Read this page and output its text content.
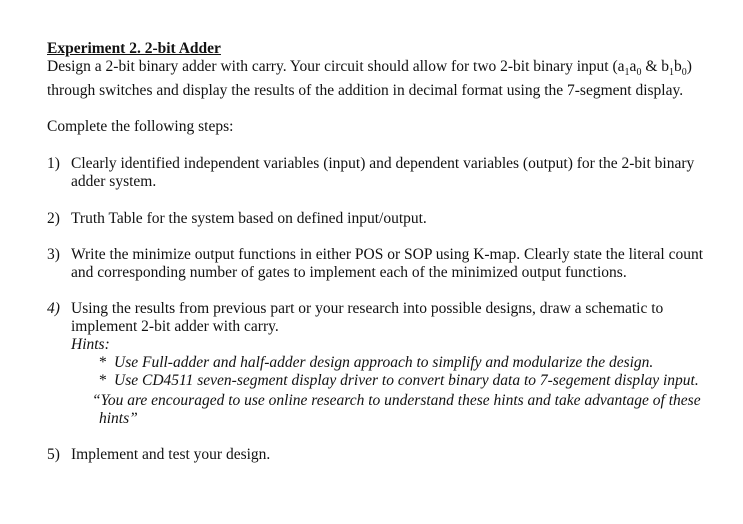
Experiment 2. 2-bit Adder

Design a 2-bit binary adder with carry. Your circuit should allow for two 2-bit binary input ($a_1a_0$ & $b_1b_0$) through switches and display the results of the addition in decimal format using the 7-segment display.

Complete the following steps:

1) Clearly identified independent variables (input) and dependent variables (output) for the 2-bit binary adder system.
2) Truth Table for the system based on defined input/output.
3) Write the minimize output functions in either POS or SOP using K-map. Clearly state the literal count and corresponding number of gates to implement each of the minimized output functions.
4) Using the results from previous part or your research into possible designs, draw a schematic to implement 2-bit adder with carry.

Hints:

* Use Full-adder and half-adder design approach to simplify and modularize the design.
* Use CD4511 seven-segment display driver to convert binary data to 7-segement display input.

“You are encouraged to use online research to understand these hints and take advantage of these hints”

5) Implement and test your design.
